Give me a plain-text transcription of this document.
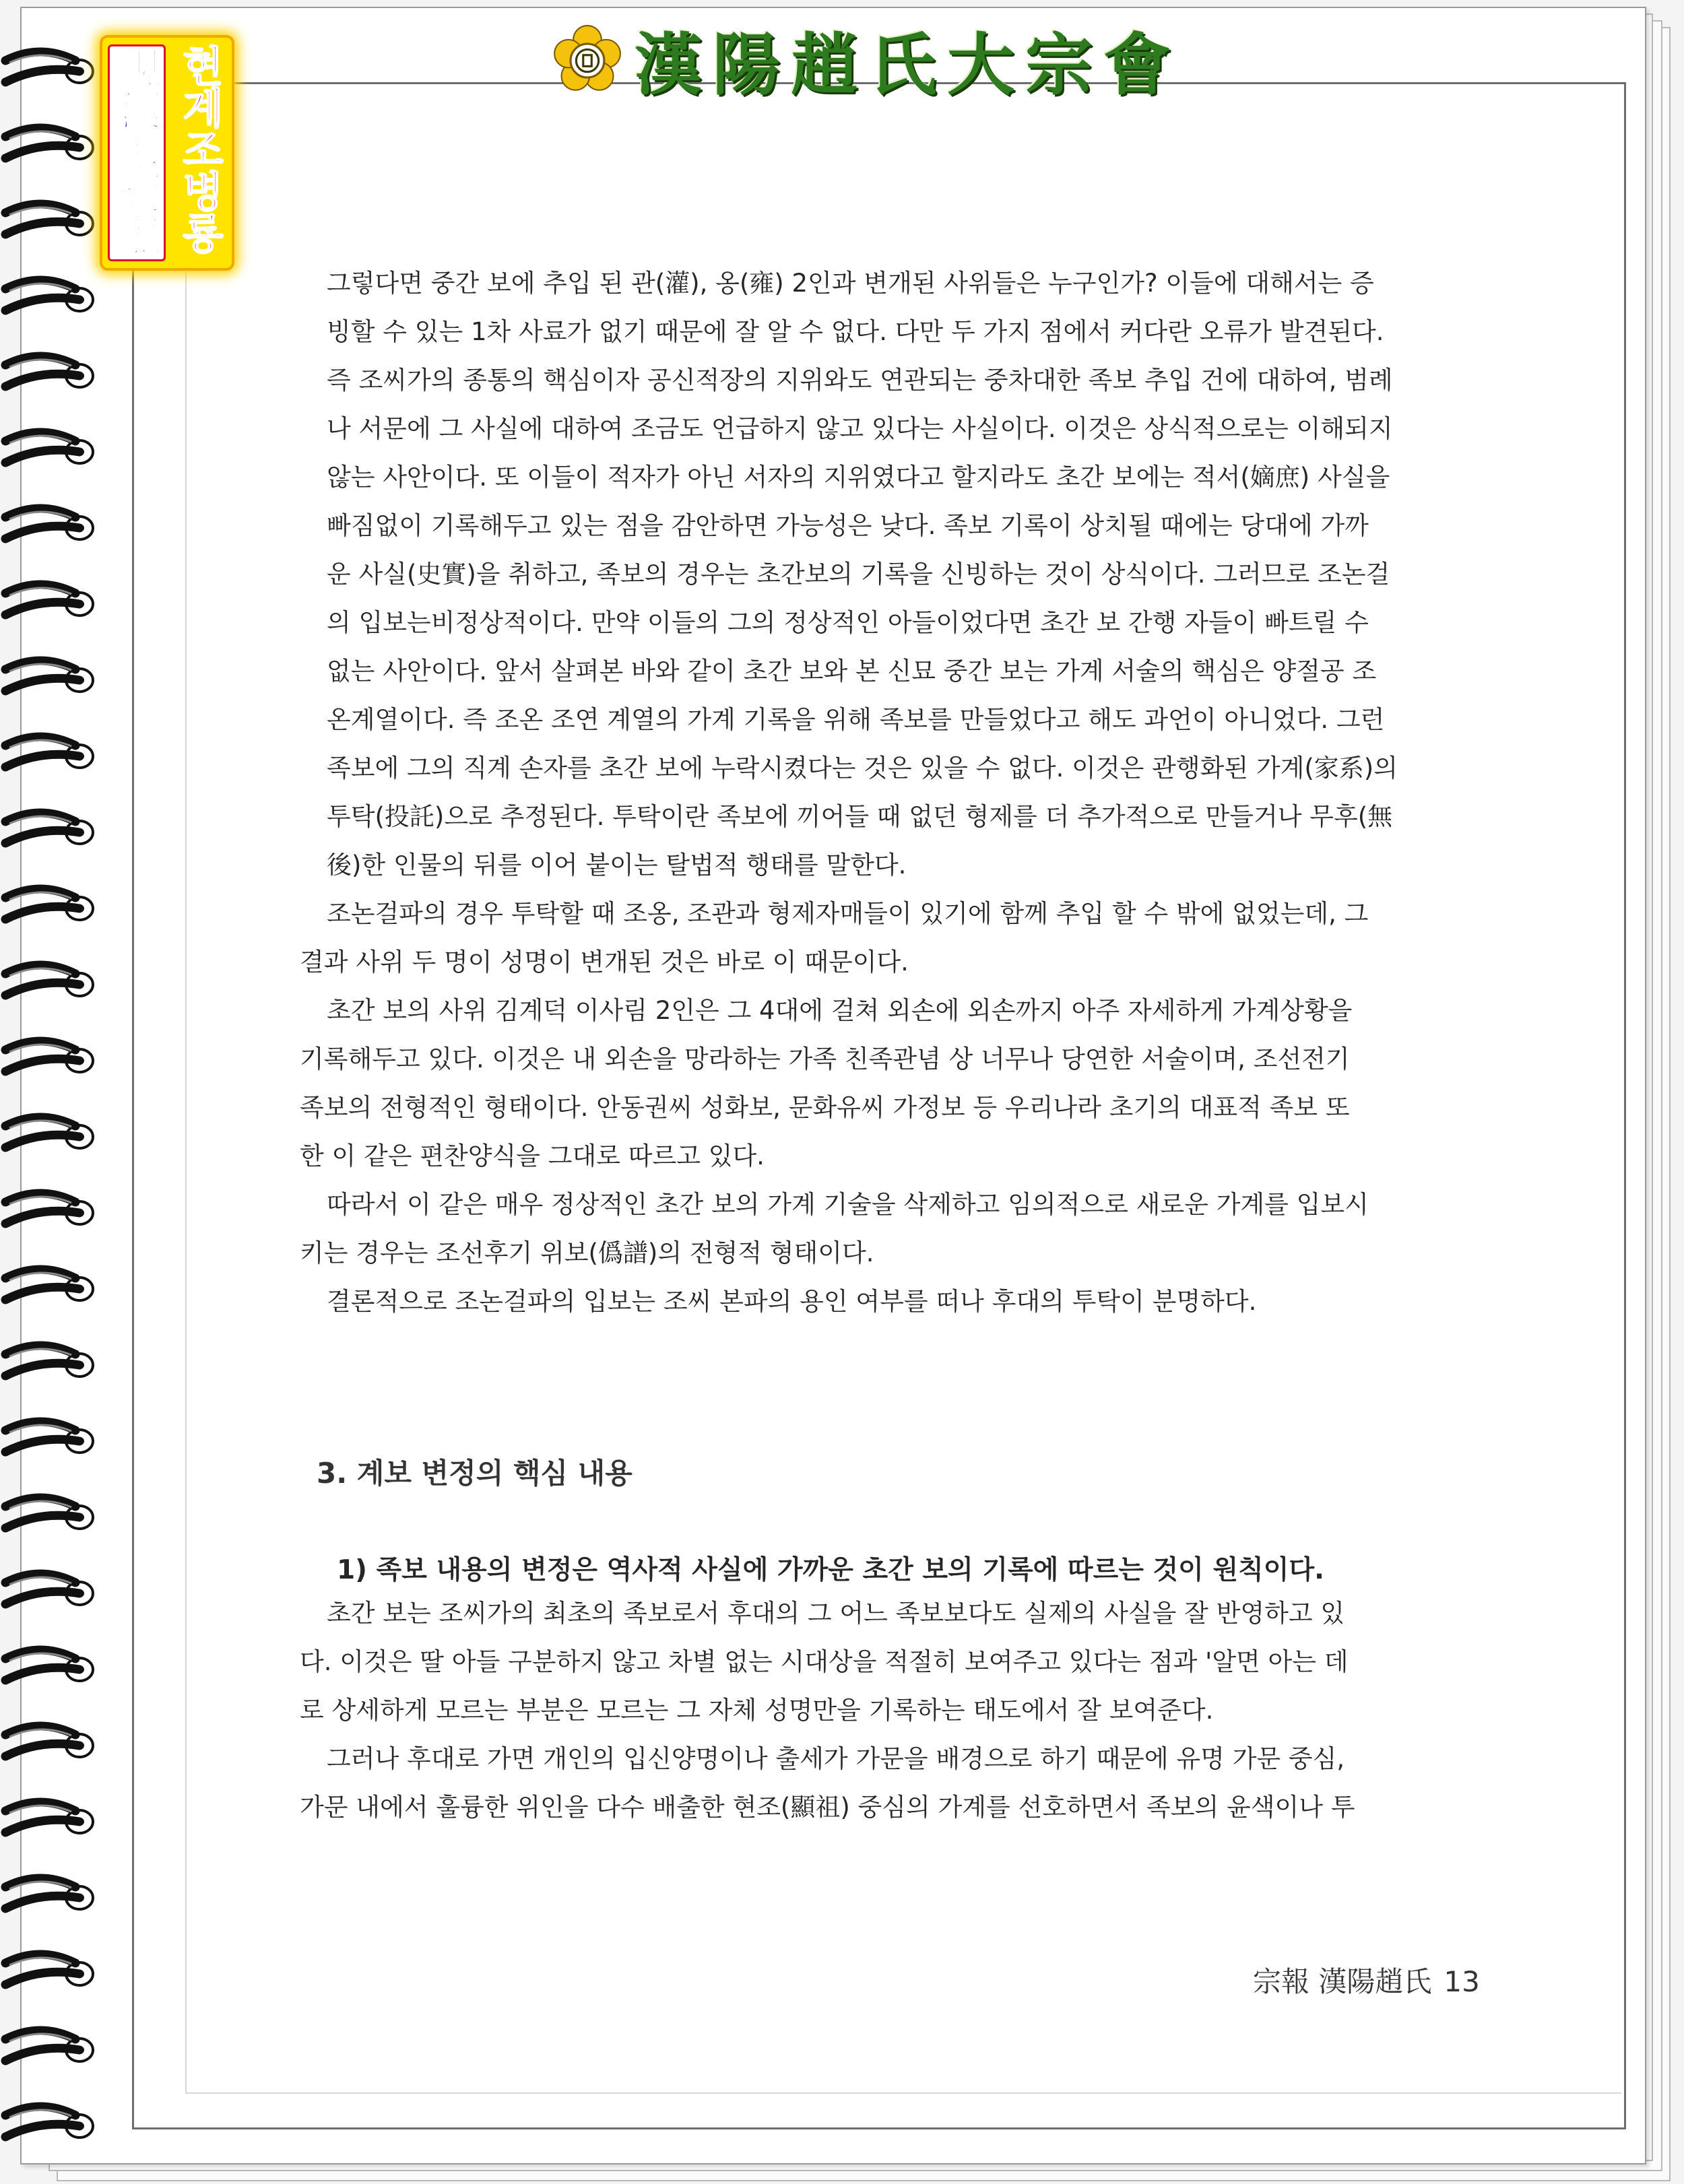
漢陽趙氏大宗會
晛漢趙炳龍 현계조병룡

그렇다면 중간 보에 추입 된 관(灌), 옹(雍) 2인과 변개된 사위들은 누구인가? 이들에 대해서는 증
빙할 수 있는 1차 사료가 없기 때문에 잘 알 수 없다. 다만 두 가지 점에서 커다란 오류가 발견된다.
즉 조씨가의 종통의 핵심이자 공신적장의 지위와도 연관되는 중차대한 족보 추입 건에 대하여, 범례
나 서문에 그 사실에 대하여 조금도 언급하지 않고 있다는 사실이다. 이것은 상식적으로는 이해되지
않는 사안이다. 또 이들이 적자가 아닌 서자의 지위였다고 할지라도 초간 보에는 적서(嫡庶) 사실을
빠짐없이 기록해두고 있는 점을 감안하면 가능성은 낮다. 족보 기록이 상치될 때에는 당대에 가까
운 사실(史實)을 취하고, 족보의 경우는 초간보의 기록을 신빙하는 것이 상식이다. 그러므로 조논걸
의 입보는비정상적이다. 만약 이들의 그의 정상적인 아들이었다면 초간 보 간행 자들이 빠트릴 수
없는 사안이다. 앞서 살펴본 바와 같이 초간 보와 본 신묘 중간 보는 가계 서술의 핵심은 양절공 조
온계열이다. 즉 조온 조연 계열의 가계 기록을 위해 족보를 만들었다고 해도 과언이 아니었다. 그런
족보에 그의 직계 손자를 초간 보에 누락시켰다는 것은 있을 수 없다. 이것은 관행화된 가계(家系)의
투탁(投託)으로 추정된다. 투탁이란 족보에 끼어들 때 없던 형제를 더 추가적으로 만들거나 무후(無
後)한 인물의 뒤를 이어 붙이는 탈법적 행태를 말한다.

조논걸파의 경우 투탁할 때 조옹, 조관과 형제자매들이 있기에 함께 추입 할 수 밖에 없었는데, 그
결과 사위 두 명이 성명이 변개된 것은 바로 이 때문이다.

초간 보의 사위 김계덕 이사림 2인은 그 4대에 걸쳐 외손에 외손까지 아주 자세하게 가계상황을
기록해두고 있다. 이것은 내 외손을 망라하는 가족 친족관념 상 너무나 당연한 서술이며, 조선전기
족보의 전형적인 형태이다. 안동권씨 성화보, 문화유씨 가정보 등 우리나라 초기의 대표적 족보 또
한 이 같은 편찬양식을 그대로 따르고 있다.

따라서 이 같은 매우 정상적인 초간 보의 가계 기술을 삭제하고 임의적으로 새로운 가계를 입보시
키는 경우는 조선후기 위보(僞譜)의 전형적 형태이다.

결론적으로 조논걸파의 입보는 조씨 본파의 용인 여부를 떠나 후대의 투탁이 분명하다.

3. 계보 변정의 핵심 내용
1) 족보 내용의 변정은 역사적 사실에 가까운 초간 보의 기록에 따르는 것이 원칙이다.

초간 보는 조씨가의 최초의 족보로서 후대의 그 어느 족보보다도 실제의 사실을 잘 반영하고 있
다. 이것은 딸 아들 구분하지 않고 차별 없는 시대상을 적절히 보여주고 있다는 점과 '알면 아는 데
로 상세하게 모르는 부분은 모르는 그 자체 성명만을 기록하는 태도에서 잘 보여준다.

그러나 후대로 가면 개인의 입신양명이나 출세가 가문을 배경으로 하기 때문에 유명 가문 중심,
가문 내에서 훌륭한 위인을 다수 배출한 현조(顯祖) 중심의 가계를 선호하면서 족보의 윤색이나 투

宗報 漢陽趙氏 13
